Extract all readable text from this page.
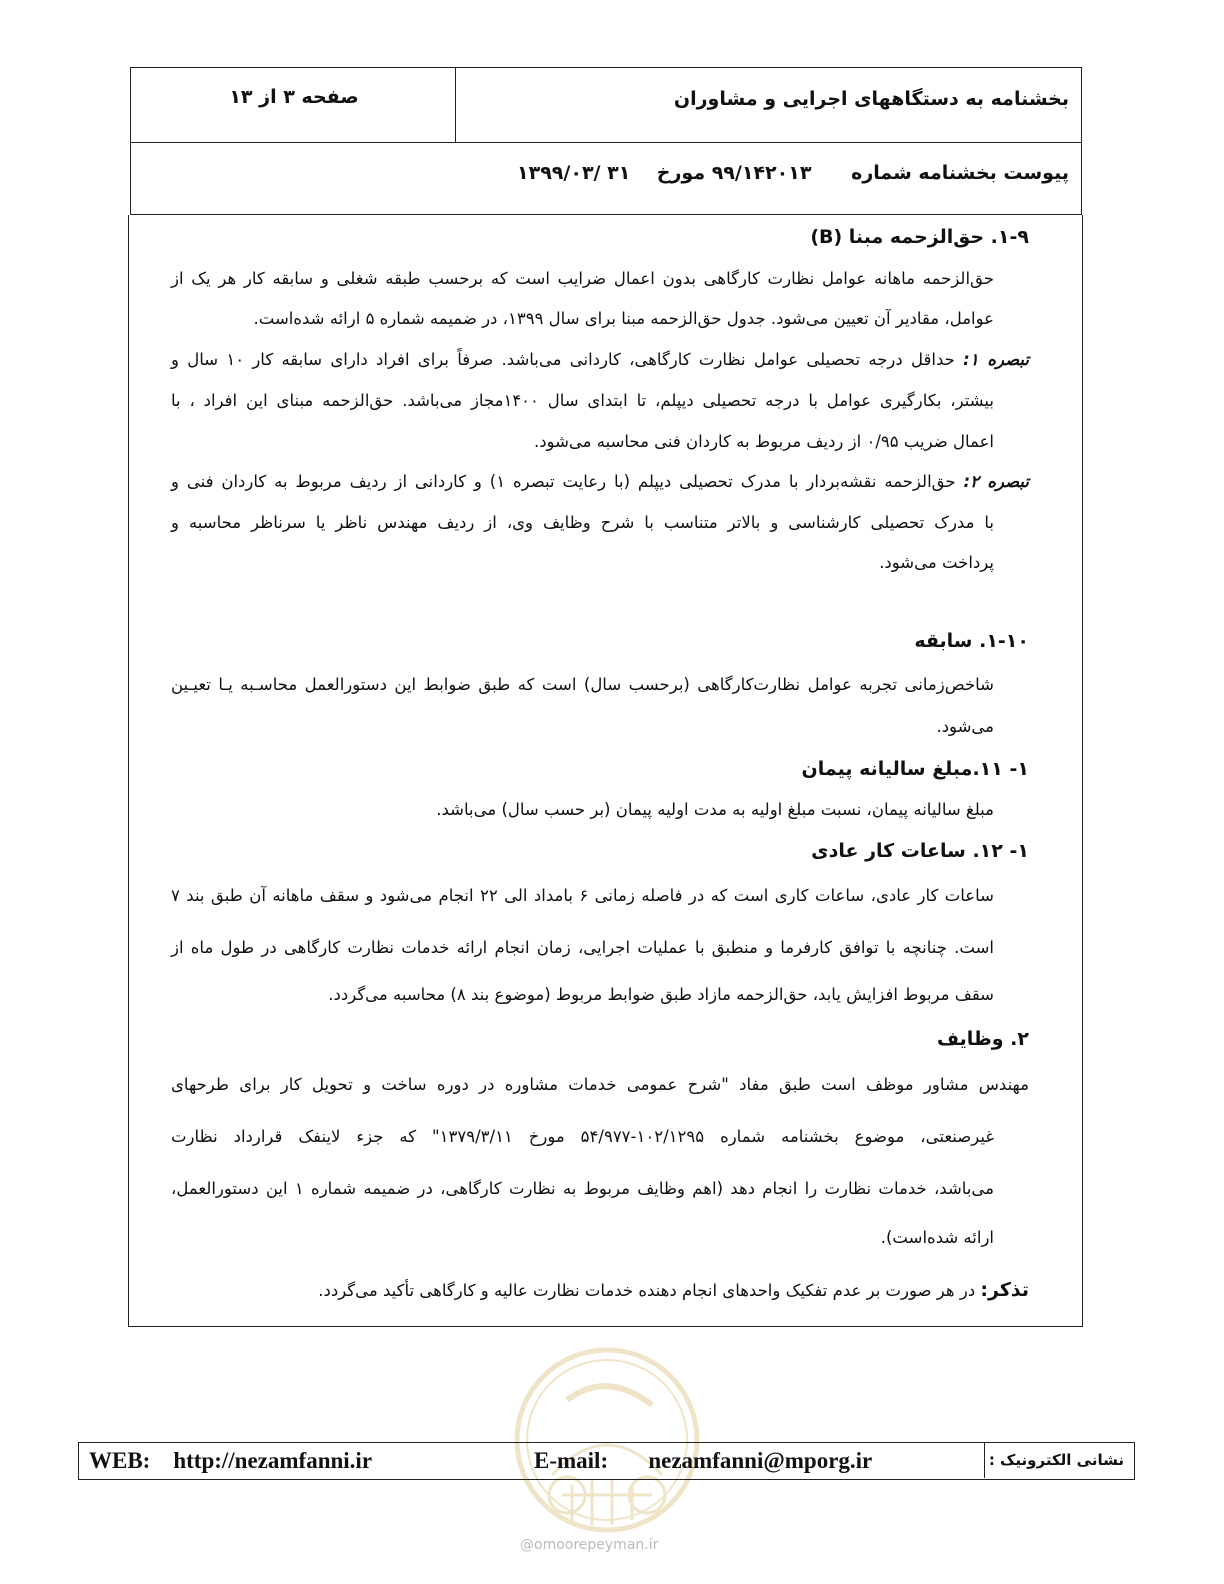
بخشنامه به دستگاههای اجرایی و مشاوران
صفحه ۳ از ۱۳
پیوست بخشنامه شماره      ۹۹/۱۴۲۰۱۳ مورخ    ۳۱ /۱۳۹۹/۰۳
۱-۹. حق‌الزحمه مبنا (B)
حق‌الزحمه ماهانه عوامل نظارت کارگاهی بدون اعمال ضرایب است که برحسب طبقه شغلی و سابقه کار هر یک از
عوامل، مقادیر آن تعیین می‌شود. جدول حق‌الزحمه مبنا برای سال ۱۳۹۹، در ضمیمه شماره ۵ ارائه شده‌است.
تبصره ۱: حداقل درجه تحصیلی عوامل نظارت کارگاهی، کاردانی می‌باشد. صرفاً برای افراد دارای سابقه کار ۱۰ سال و
بیشتر، بکارگیری عوامل با درجه تحصیلی دیپلم، تا ابتدای سال ۱۴۰۰مجاز می‌باشد. حق‌الزحمه مبنای این افراد ، با
اعمال ضریب ۰/۹۵ از ردیف مربوط به کاردان فنی محاسبه می‌شود.
تبصره ۲: حق‌الزحمه نقشه‌بردار با مدرک تحصیلی دیپلم (با رعایت تبصره ۱) و کاردانی از ردیف مربوط به کاردان فنی و
با مدرک تحصیلی کارشناسی و بالاتر متناسب با شرح وظایف وی، از ردیف مهندس ناظر یا سرناظر محاسبه و
پرداخت می‌شود.
۱-۱۰. سابقه
شاخص‌زمانی تجربه عوامل نظارت‌کارگاهی (برحسب سال) است که طبق ضوابط این دستورالعمل محاسـبه یـا تعیـین
می‌شود.
۱- ۱۱.مبلغ سالیانه پیمان
مبلغ سالیانه پیمان، نسبت مبلغ اولیه به مدت اولیه پیمان (بر حسب سال) می‌باشد.
۱- ۱۲. ساعات کار عادی
ساعات کار عادی، ساعات کاری است که در فاصله زمانی ۶ بامداد الی ۲۲ انجام می‌شود و سقف ماهانه آن طبق بند ۷
است. چنانچه با توافق کارفرما و منطبق با عملیات اجرایی، زمان انجام ارائه خدمات نظارت کارگاهی در طول ماه از
سقف مربوط افزایش یابد، حق‌الزحمه مازاد طبق ضوابط مربوط (موضوع بند ۸) محاسبه می‌گردد.
۲. وظایف
مهندس مشاور موظف است طبق مفاد "شرح عمومی خدمات مشاوره در دوره ساخت و تحویل کار برای طرحهای
غیرصنعتی، موضوع بخشنامه شماره ۱۰۲/۱۲۹۵-۵۴/۹۷۷ مورخ ۱۳۷۹/۳/۱۱" که جزء لاینفک قرارداد نظارت
می‌باشد، خدمات نظارت را انجام دهد (اهم وظایف مربوط به نظارت کارگاهی، در ضمیمه شماره ۱ این دستورالعمل،
ارائه شده‌است).
تذکر: در هر صورت بر عدم تفکیک واحدهای انجام دهنده خدمات نظارت عالیه و کارگاهی تأکید می‌گردد.
@omoorepeyman.ir
نشانی الکترونیک :
WEB:    http://nezamfanni.ir	E-mail:       nezamfanni@mporg.ir
